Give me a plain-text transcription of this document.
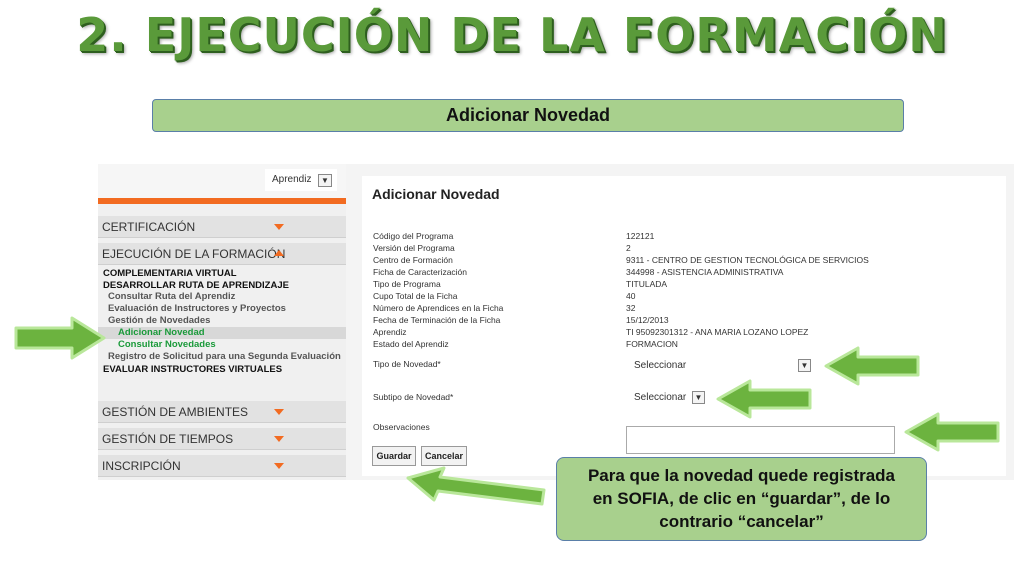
2. EJECUCIÓN DE LA FORMACIÓN
Adicionar Novedad
Aprendiz	▼
CERTIFICACIÓN
EJECUCIÓN DE LA FORMACIÓN
COMPLEMENTARIA VIRTUAL
DESARROLLAR RUTA DE APRENDIZAJE
Consultar Ruta del Aprendiz
Evaluación de Instructores y Proyectos
Gestión de Novedades
Adicionar Novedad
Consultar Novedades
Registro de Solicitud para una Segunda Evaluación
EVALUAR INSTRUCTORES VIRTUALES
GESTIÓN DE AMBIENTES
GESTIÓN DE TIEMPOS
INSCRIPCIÓN
Adicionar Novedad
Código del Programa	122121
Versión del Programa	2
Centro de Formación	9311 - CENTRO DE GESTION TECNOLÓGICA DE SERVICIOS
Ficha de Caracterización	344998 - ASISTENCIA ADMINISTRATIVA
Tipo de Programa	TITULADA
Cupo Total de la Ficha	40
Número de Aprendices en la Ficha	32
Fecha de Terminación de la Ficha	15/12/2013
Aprendiz	TI 95092301312 - ANA MARIA LOZANO LOPEZ
Estado del Aprendiz	FORMACION
Tipo de Novedad*	Seleccionar	▼
Subtipo de Novedad*	Seleccionar	▼
Observaciones
Guardar	Cancelar
Para que la novedad quede registrada
en SOFIA, de clic en “guardar”, de lo
contrario “cancelar”
